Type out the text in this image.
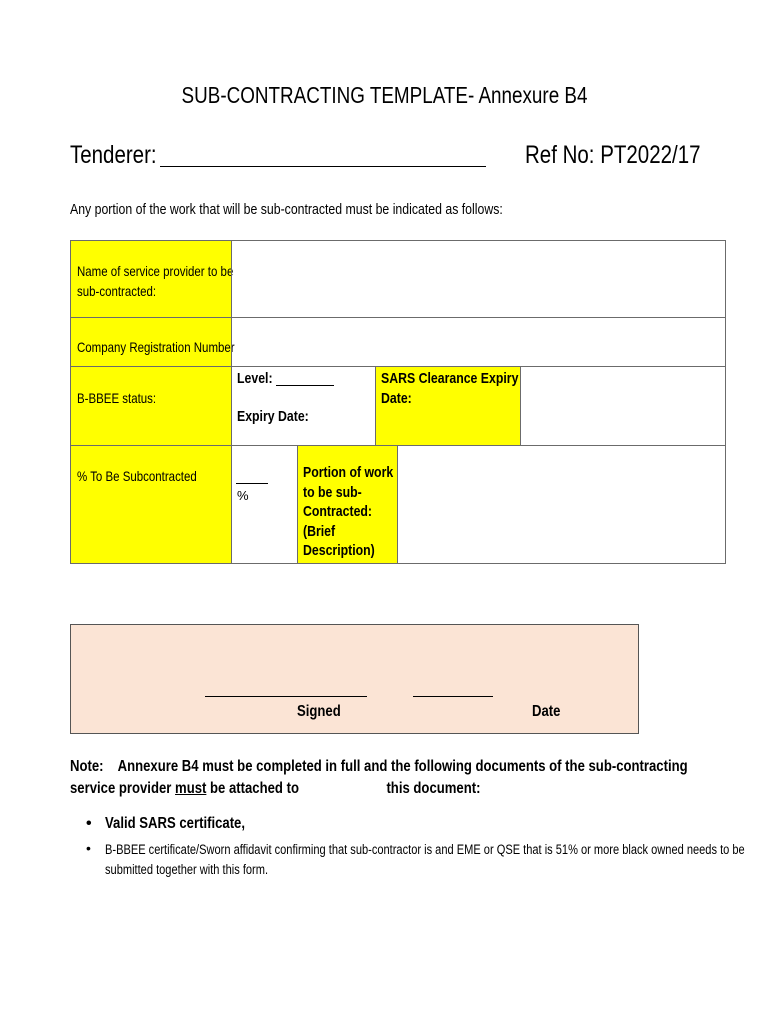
SUB-CONTRACTING TEMPLATE- Annexure B4
Tenderer:	Ref No: PT2022/17
Any portion of the work that will be sub-contracted must be indicated as follows:
Name of service provider to be
sub-contracted:
Company Registration Number
B-BBEE status:
Level:
Expiry Date:
SARS Clearance Expiry
Date:
% To Be Subcontracted
%
Portion of work
to be sub-
Contracted:
(Brief
Description)
Signed	Date
Note:    Annexure B4 must be completed in full and the following documents of the sub-contracting
service provider must be attached to                        this document:
• Valid SARS certificate,
• B-BBEE certificate/Sworn affidavit confirming that sub-contractor is and EME or QSE that is 51% or more black owned needs to be
submitted together with this form.
